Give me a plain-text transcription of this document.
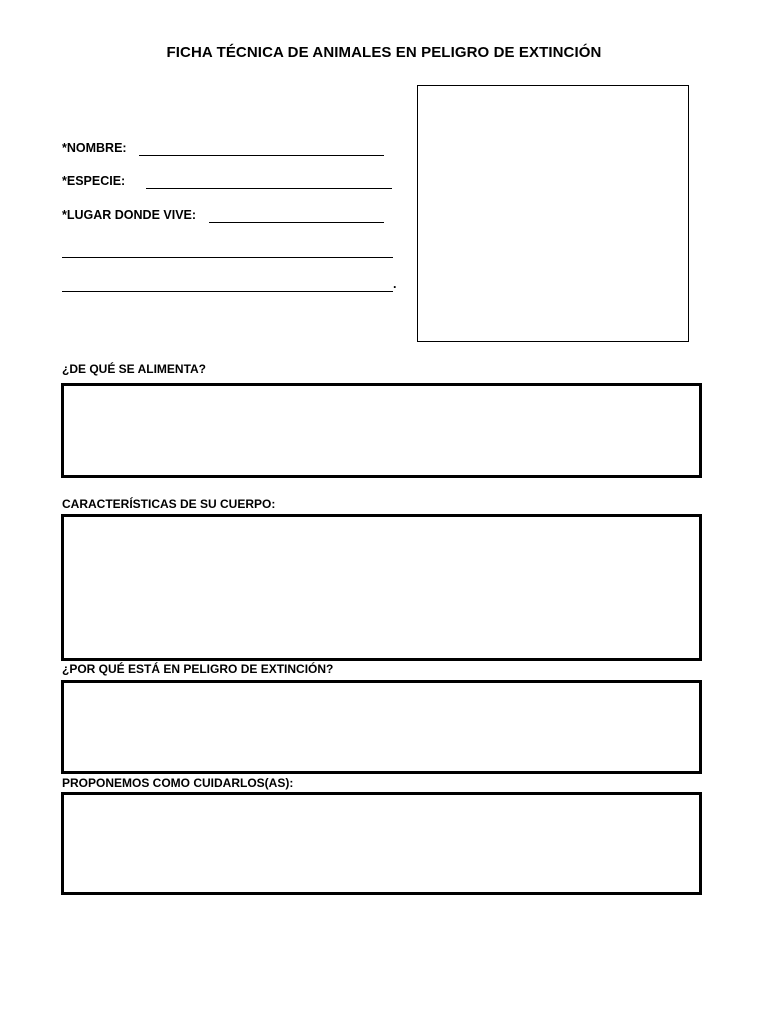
FICHA TÉCNICA DE ANIMALES EN PELIGRO DE EXTINCIÓN
*NOMBRE:
*ESPECIE:
*LUGAR DONDE VIVE:
.
¿DE QUÉ SE ALIMENTA?
CARACTERÍSTICAS DE SU CUERPO:
¿POR QUÉ ESTÁ EN PELIGRO DE EXTINCIÓN?
PROPONEMOS COMO CUIDARLOS(AS):
